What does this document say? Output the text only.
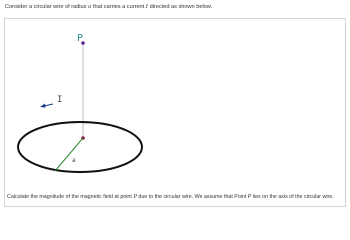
Consider a circular wire of radius a that carries a current I directed as shown below.
P
a
I
Calculate the magnitude of the magnetic field at point P due to the circular wire. We assume that Point P lies on the axis of the circular wire.
